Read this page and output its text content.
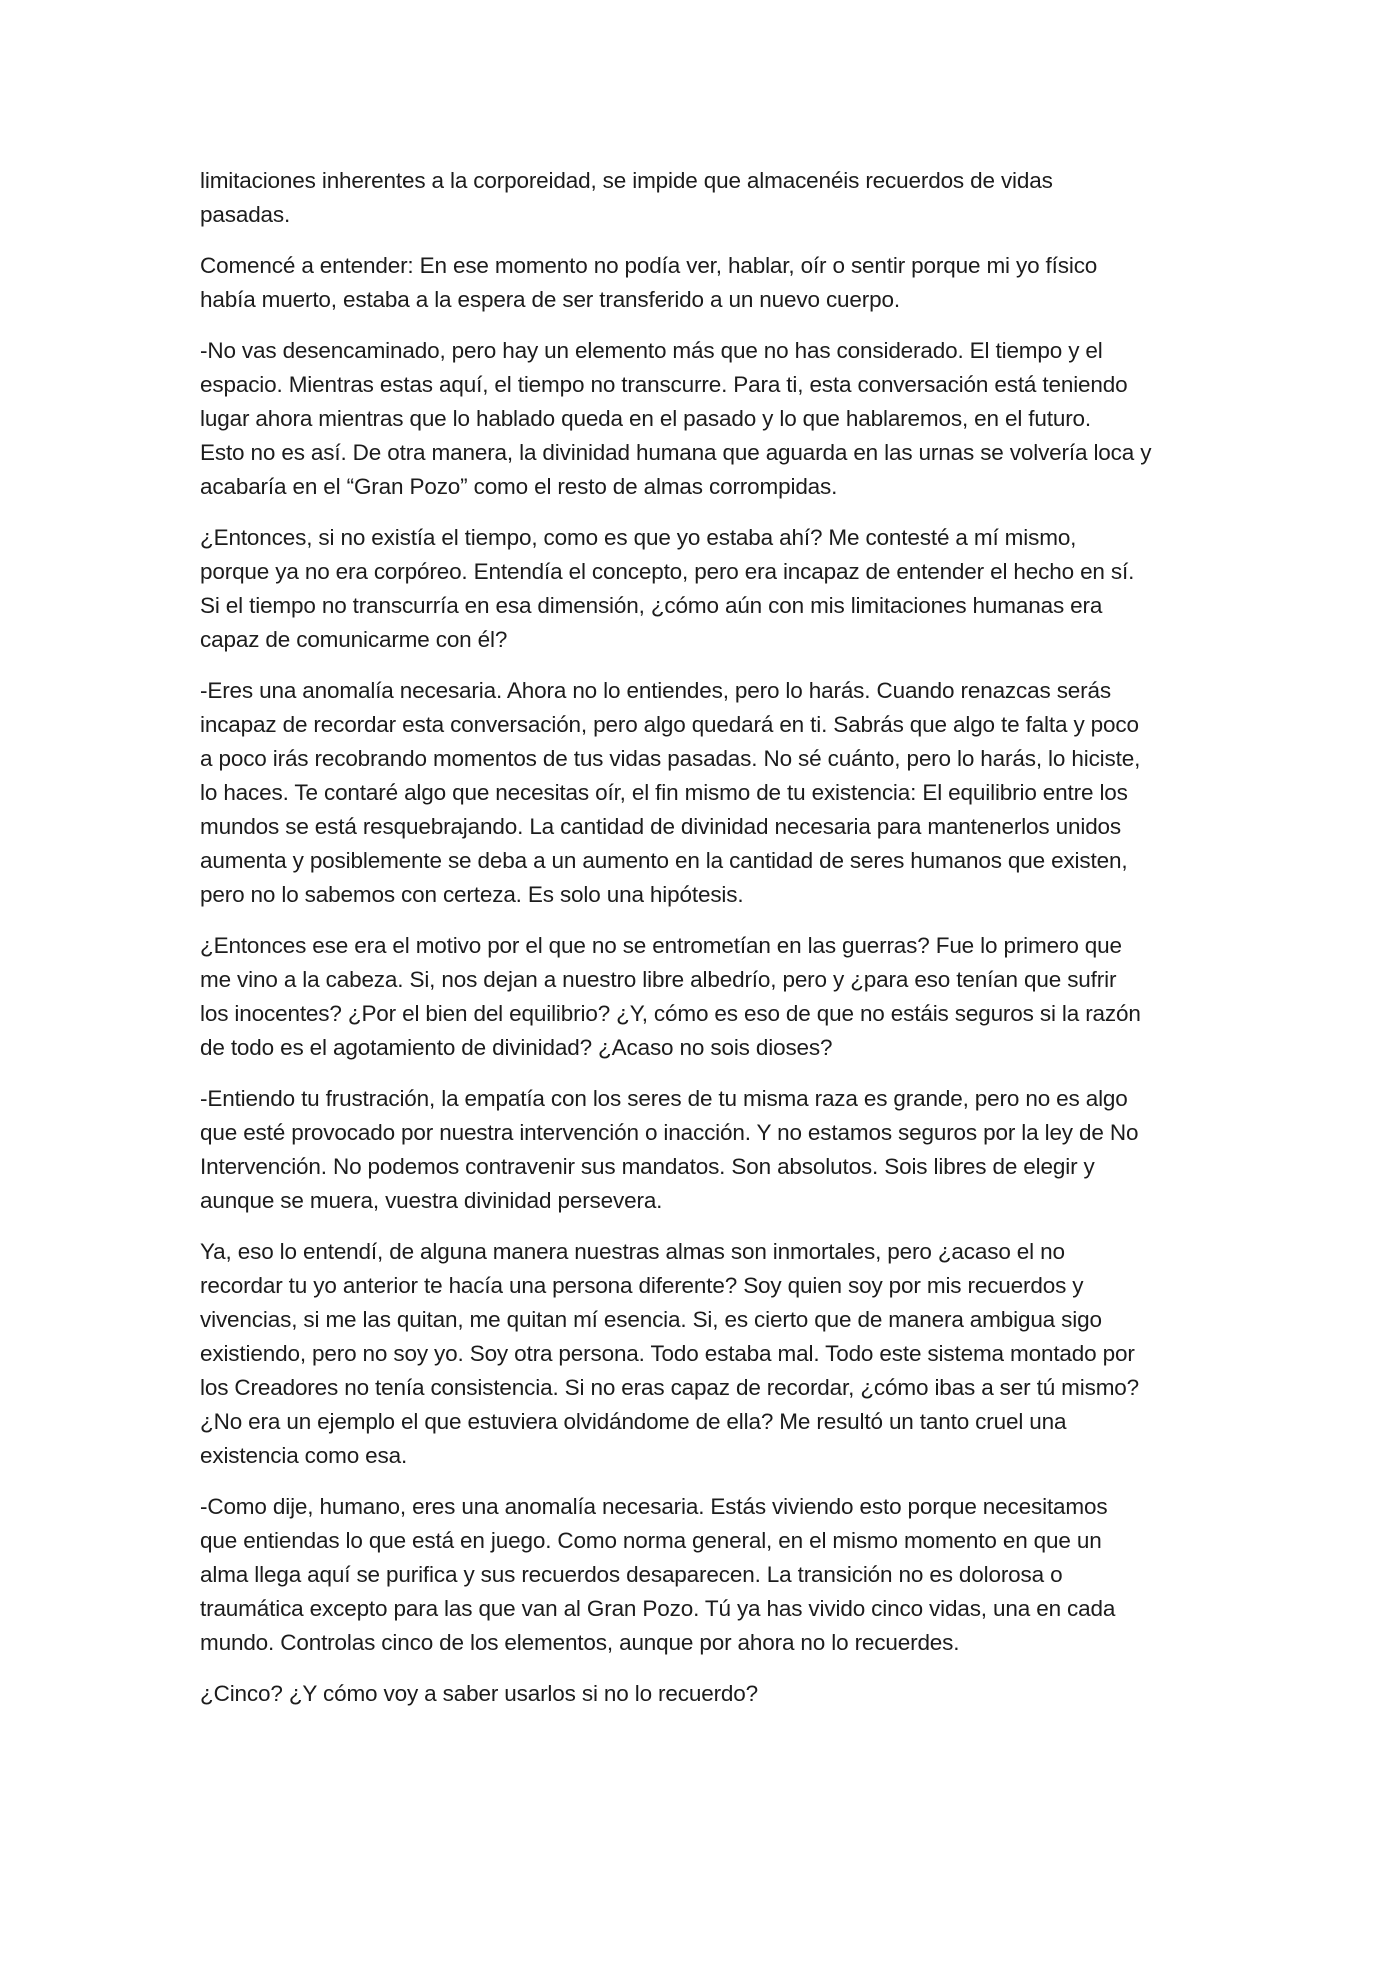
limitaciones inherentes a la corporeidad, se impide que almacenéis recuerdos de vidas
pasadas.

Comencé a entender: En ese momento no podía ver, hablar, oír o sentir porque mi yo físico
había muerto, estaba a la espera de ser transferido a un nuevo cuerpo.

-No vas desencaminado, pero hay un elemento más que no has considerado. El tiempo y el
espacio. Mientras estas aquí, el tiempo no transcurre. Para ti, esta conversación está teniendo
lugar ahora mientras que lo hablado queda en el pasado y lo que hablaremos, en el futuro.
Esto no es así. De otra manera, la divinidad humana que aguarda en las urnas se volvería loca y
acabaría en el “Gran Pozo” como el resto de almas corrompidas.

¿Entonces, si no existía el tiempo, como es que yo estaba ahí? Me contesté a mí mismo,
porque ya no era corpóreo. Entendía el concepto, pero era incapaz de entender el hecho en sí.
Si el tiempo no transcurría en esa dimensión, ¿cómo aún con mis limitaciones humanas era
capaz de comunicarme con él?

-Eres una anomalía necesaria. Ahora no lo entiendes, pero lo harás. Cuando renazcas serás
incapaz de recordar esta conversación, pero algo quedará en ti. Sabrás que algo te falta y poco
a poco irás recobrando momentos de tus vidas pasadas. No sé cuánto, pero lo harás, lo hiciste,
lo haces. Te contaré algo que necesitas oír, el fin mismo de tu existencia: El equilibrio entre los
mundos se está resquebrajando. La cantidad de divinidad necesaria para mantenerlos unidos
aumenta y posiblemente se deba a un aumento en la cantidad de seres humanos que existen,
pero no lo sabemos con certeza. Es solo una hipótesis.

¿Entonces ese era el motivo por el que no se entrometían en las guerras? Fue lo primero que
me vino a la cabeza. Si, nos dejan a nuestro libre albedrío, pero y ¿para eso tenían que sufrir
los inocentes? ¿Por el bien del equilibrio? ¿Y, cómo es eso de que no estáis seguros si la razón
de todo es el agotamiento de divinidad? ¿Acaso no sois dioses?

-Entiendo tu frustración, la empatía con los seres de tu misma raza es grande, pero no es algo
que esté provocado por nuestra intervención o inacción. Y no estamos seguros por la ley de No
Intervención. No podemos contravenir sus mandatos. Son absolutos. Sois libres de elegir y
aunque se muera, vuestra divinidad persevera.

Ya, eso lo entendí, de alguna manera nuestras almas son inmortales, pero ¿acaso el no
recordar tu yo anterior te hacía una persona diferente? Soy quien soy por mis recuerdos y
vivencias, si me las quitan, me quitan mí esencia. Si, es cierto que de manera ambigua sigo
existiendo, pero no soy yo. Soy otra persona. Todo estaba mal. Todo este sistema montado por
los Creadores no tenía consistencia. Si no eras capaz de recordar, ¿cómo ibas a ser tú mismo?
¿No era un ejemplo el que estuviera olvidándome de ella? Me resultó un tanto cruel una
existencia como esa.

-Como dije, humano, eres una anomalía necesaria. Estás viviendo esto porque necesitamos
que entiendas lo que está en juego. Como norma general, en el mismo momento en que un
alma llega aquí se purifica y sus recuerdos desaparecen. La transición no es dolorosa o
traumática excepto para las que van al Gran Pozo. Tú ya has vivido cinco vidas, una en cada
mundo. Controlas cinco de los elementos, aunque por ahora no lo recuerdes.

¿Cinco? ¿Y cómo voy a saber usarlos si no lo recuerdo?
